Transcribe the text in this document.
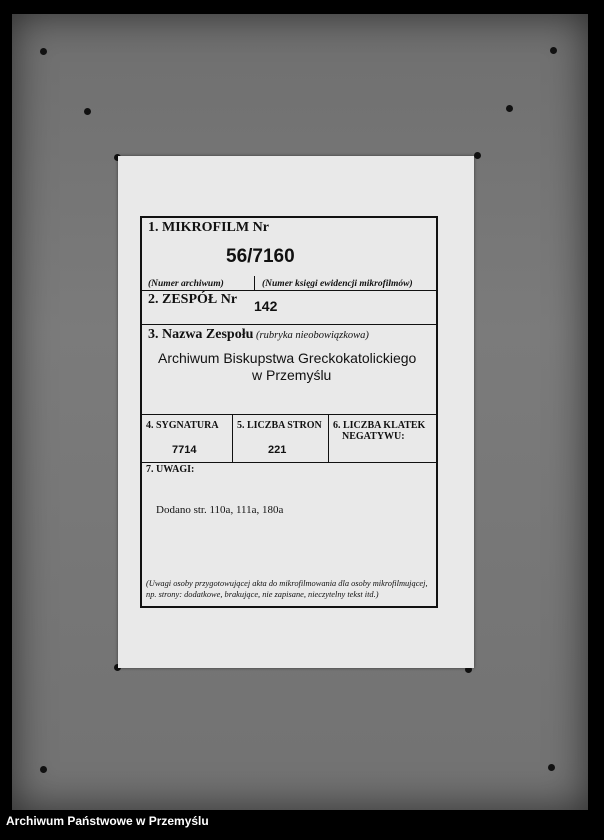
1. MIKROFILM Nr
56/7160
(Numer archiwum)	(Numer księgi ewidencji mikrofilmów)
2. ZESPÓŁ Nr 142
3. Nazwa Zespołu (rubryka nieobowiązkowa)
Archiwum Biskupstwa Greckokatolickiego
w Przemyślu
4. SYGNATURA
7714
5. LICZBA STRON
221
6. LICZBA KLATEK
NEGATYWU:
7. UWAGI:
Dodano str. 110a, 111a, 180a
(Uwagi osoby przygotowującej akta do mikrofilmowania dla osoby mikrofilmującej,
np. strony: dodatkowe, brakujące, nie zapisane, nieczytelny tekst itd.)
Archiwum Państwowe w Przemyślu
